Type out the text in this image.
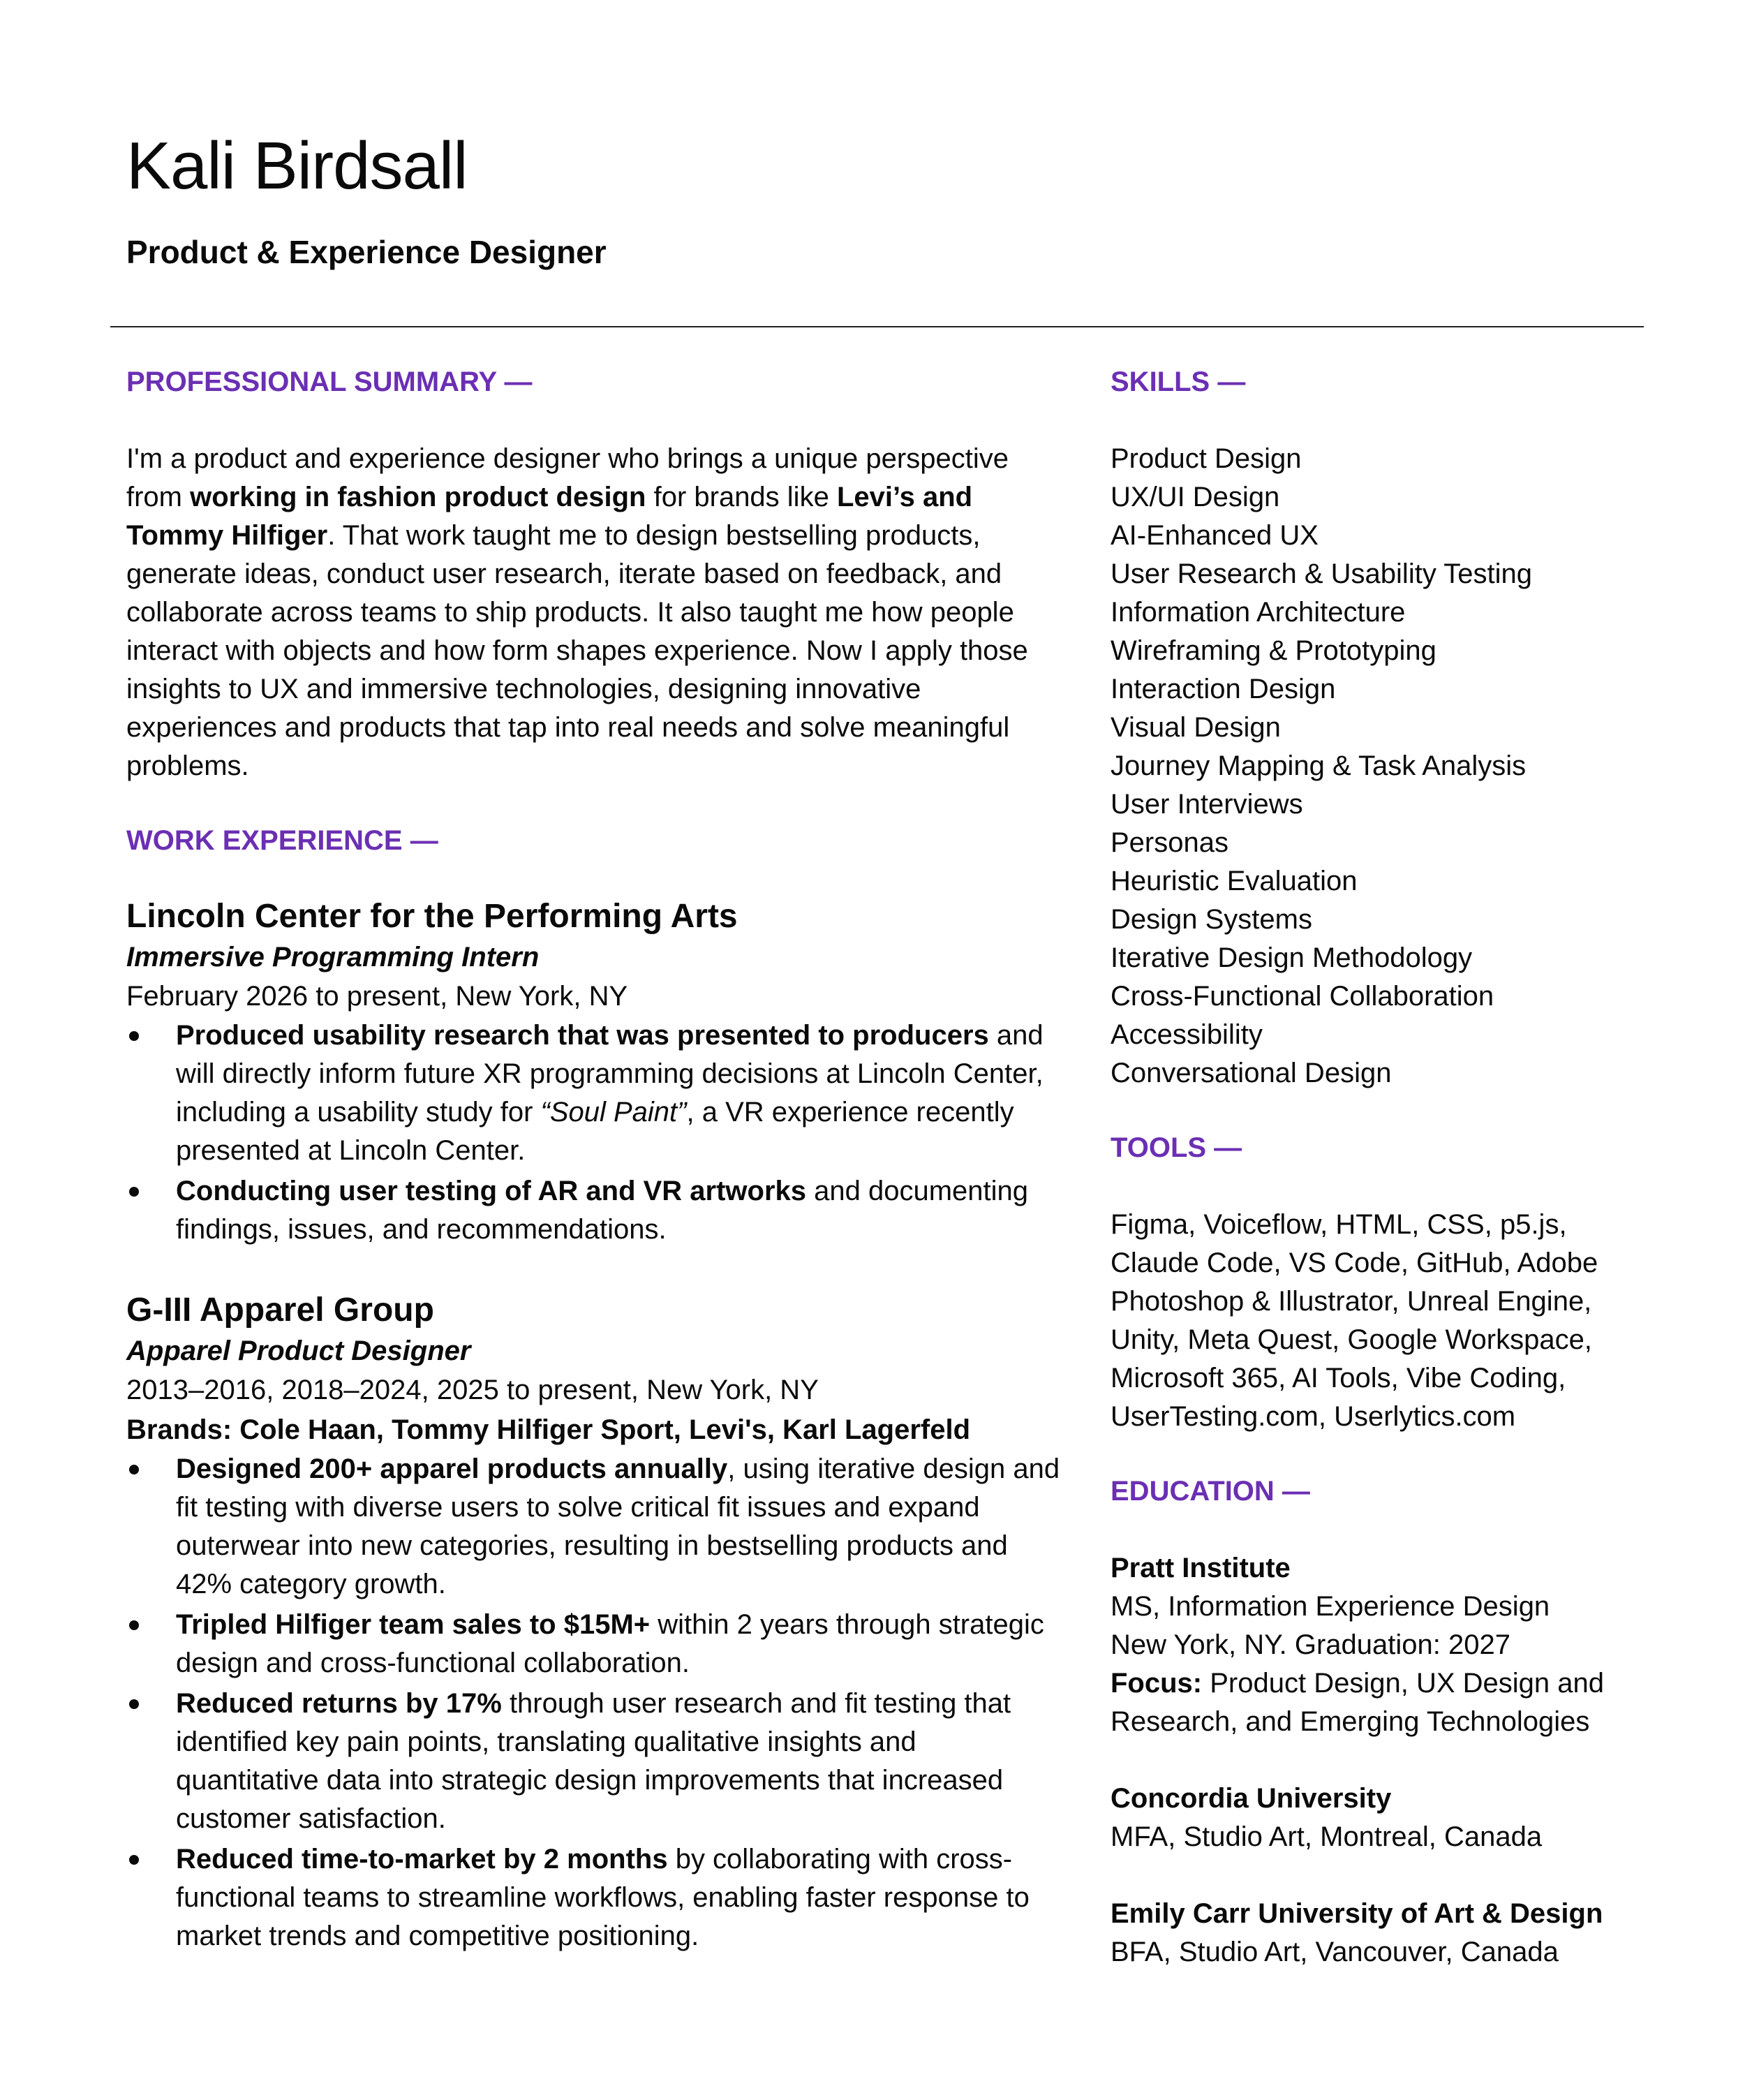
Kali Birdsall
Product & Experience Designer
PROFESSIONAL SUMMARY —

I'm a product and experience designer who brings a unique perspective from working in fashion product design for brands like Levi’s and Tommy Hilfiger. That work taught me to design bestselling products, generate ideas, conduct user research, iterate based on feedback, and collaborate across teams to ship products. It also taught me how people interact with objects and how form shapes experience. Now I apply those insights to UX and immersive technologies, designing innovative experiences and products that tap into real needs and solve meaningful problems.

WORK EXPERIENCE —

Lincoln Center for the Performing Arts

Immersive Programming Intern

February 2026 to present, New York, NY

Produced usability research that was presented to producers and will directly inform future XR programming decisions at Lincoln Center, including a usability study for “Soul Paint”, a VR experience recently presented at Lincoln Center.
Conducting user testing of AR and VR artworks and documenting findings, issues, and recommendations.

G-III Apparel Group

Apparel Product Designer

2013–2016, 2018–2024, 2025 to present, New York, NY

Brands: Cole Haan, Tommy Hilfiger Sport, Levi's, Karl Lagerfeld

Designed 200+ apparel products annually, using iterative design and fit testing with diverse users to solve critical fit issues and expand outerwear into new categories, resulting in bestselling products and 42% category growth.
Tripled Hilfiger team sales to $15M+ within 2 years through strategic design and cross-functional collaboration.
Reduced returns by 17% through user research and fit testing that identified key pain points, translating qualitative insights and quantitative data into strategic design improvements that increased customer satisfaction.
Reduced time-to-market by 2 months by collaborating with cross-functional teams to streamline workflows, enabling faster response to market trends and competitive positioning.
SKILLS —
Product Design
UX/UI Design
AI-Enhanced UX
User Research & Usability Testing
Information Architecture
Wireframing & Prototyping
Interaction Design
Visual Design
Journey Mapping & Task Analysis
User Interviews
Personas
Heuristic Evaluation
Design Systems
Iterative Design Methodology
Cross-Functional Collaboration
Accessibility
Conversational Design
TOOLS —

Figma, Voiceflow, HTML, CSS, p5.js, Claude Code, VS Code, GitHub, Adobe Photoshop & Illustrator, Unreal Engine, Unity, Meta Quest, Google Workspace, Microsoft 365, AI Tools, Vibe Coding, UserTesting.com, Userlytics.com

EDUCATION —

Pratt Institute

MS, Information Experience Design

New York, NY. Graduation: 2027

Focus: Product Design, UX Design and Research, and Emerging Technologies

Concordia University

MFA, Studio Art, Montreal, Canada

Emily Carr University of Art & Design

BFA, Studio Art, Vancouver, Canada
